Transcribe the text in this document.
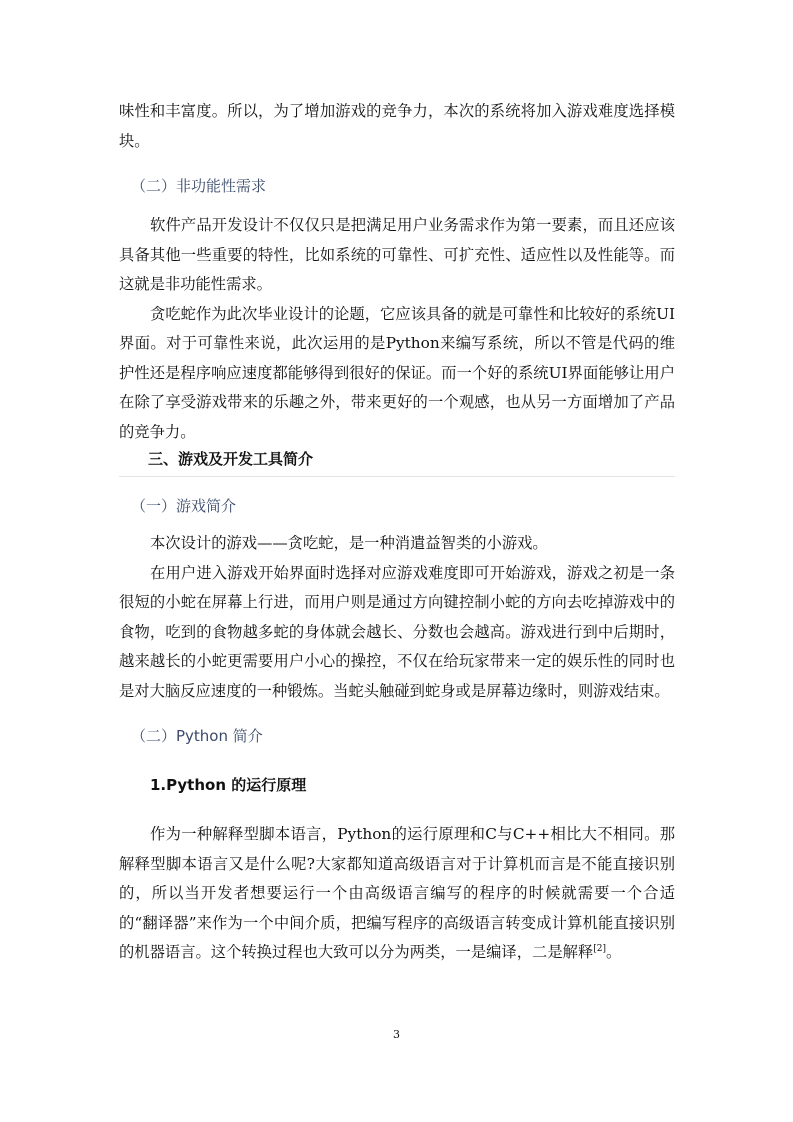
味性和丰富度。所以，为了增加游戏的竞争力，本次的系统将加入游戏难度选择模块。

（二）非功能性需求

软件产品开发设计不仅仅只是把满足用户业务需求作为第一要素，而且还应该具备其他一些重要的特性，比如系统的可靠性、可扩充性、适应性以及性能等。而这就是非功能性需求。

贪吃蛇作为此次毕业设计的论题，它应该具备的就是可靠性和比较好的系统UI界面。对于可靠性来说，此次运用的是Python来编写系统，所以不管是代码的维护性还是程序响应速度都能够得到很好的保证。而一个好的系统UI界面能够让用户在除了享受游戏带来的乐趣之外，带来更好的一个观感，也从另一方面增加了产品的竞争力。

三、游戏及开发工具简介

（一）游戏简介

本次设计的游戏——贪吃蛇，是一种消遣益智类的小游戏。

在用户进入游戏开始界面时选择对应游戏难度即可开始游戏，游戏之初是一条很短的小蛇在屏幕上行进，而用户则是通过方向键控制小蛇的方向去吃掉游戏中的食物，吃到的食物越多蛇的身体就会越长、分数也会越高。游戏进行到中后期时，越来越长的小蛇更需要用户小心的操控，不仅在给玩家带来一定的娱乐性的同时也是对大脑反应速度的一种锻炼。当蛇头触碰到蛇身或是屏幕边缘时，则游戏结束。

（二）Python 简介

1.Python 的运行原理

作为一种解释型脚本语言，Python的运行原理和C与C++相比大不相同。那解释型脚本语言又是什么呢?大家都知道高级语言对于计算机而言是不能直接识别的，所以当开发者想要运行一个由高级语言编写的程序的时候就需要一个合适的“翻译器”来作为一个中间介质，把编写程序的高级语言转变成计算机能直接识别的机器语言。这个转换过程也大致可以分为两类，一是编译，二是解释[2]。

3
